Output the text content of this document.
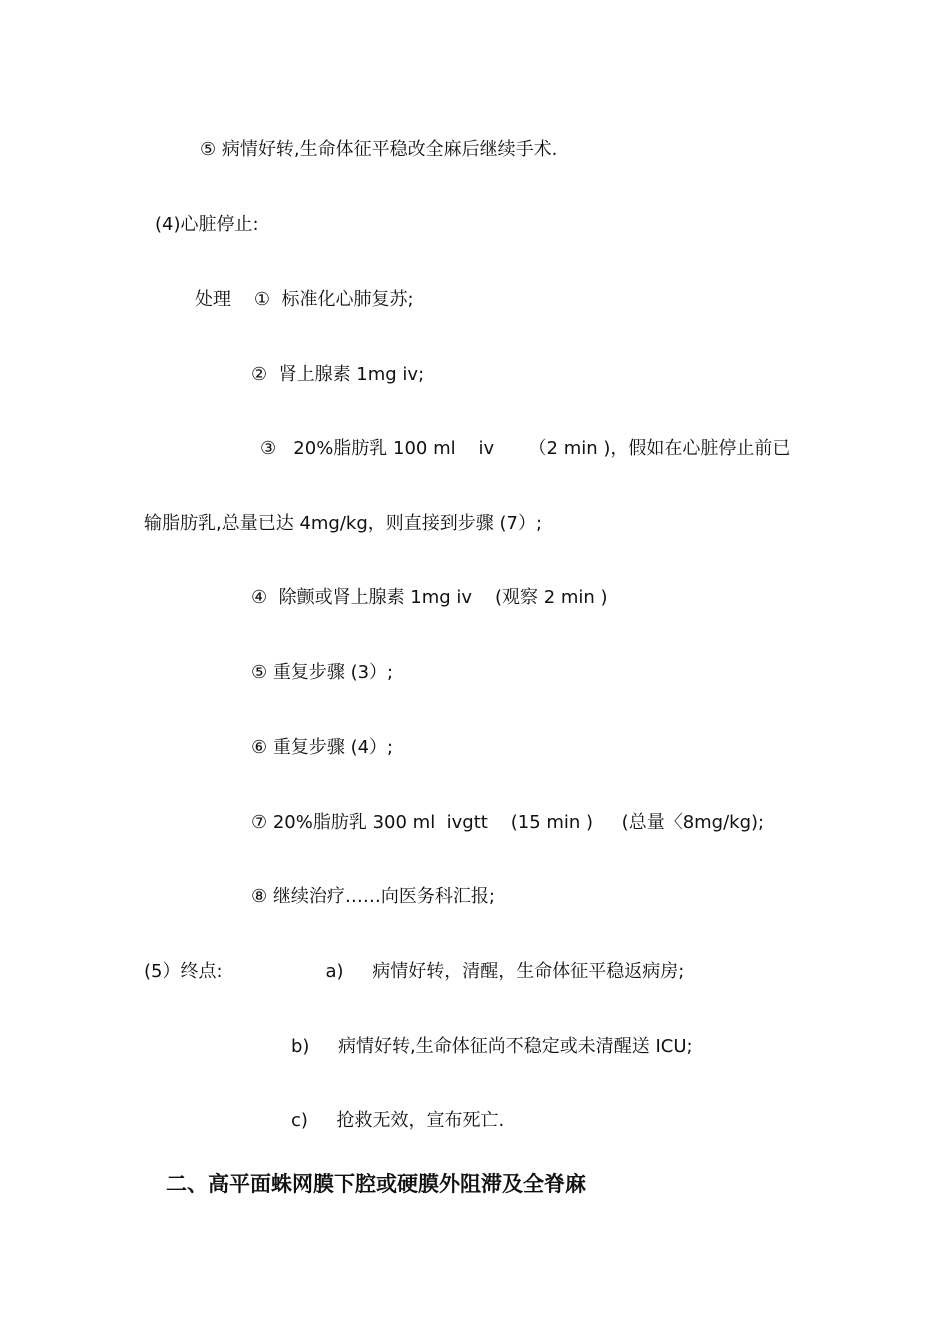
⑤ 病情好转,生命体征平稳改全麻后继续手术.

(4)心脏停止:

处理    ①  标准化心肺复苏;

②  肾上腺素 1mg iv;

③   20%脂肪乳 100 ml    iv      （2 min )，假如在心脏停止前已

输脂肪乳,总量已达 4mg/kg，则直接到步骤 (7）;

④  除颤或肾上腺素 1mg iv    (观察 2 min )

⑤ 重复步骤 (3）;

⑥ 重复步骤 (4）;

⑦ 20%脂肪乳 300 ml  ivgtt    (15 min )     (总量〈8mg/kg);

⑧ 继续治疗……向医务科汇报;

(5）终点:                  a)     病情好转，清醒，生命体征平稳返病房;

b)     病情好转,生命体征尚不稳定或未清醒送 ICU;

c)     抢救无效，宣布死亡.

二、高平面蛛网膜下腔或硬膜外阻滞及全脊麻
